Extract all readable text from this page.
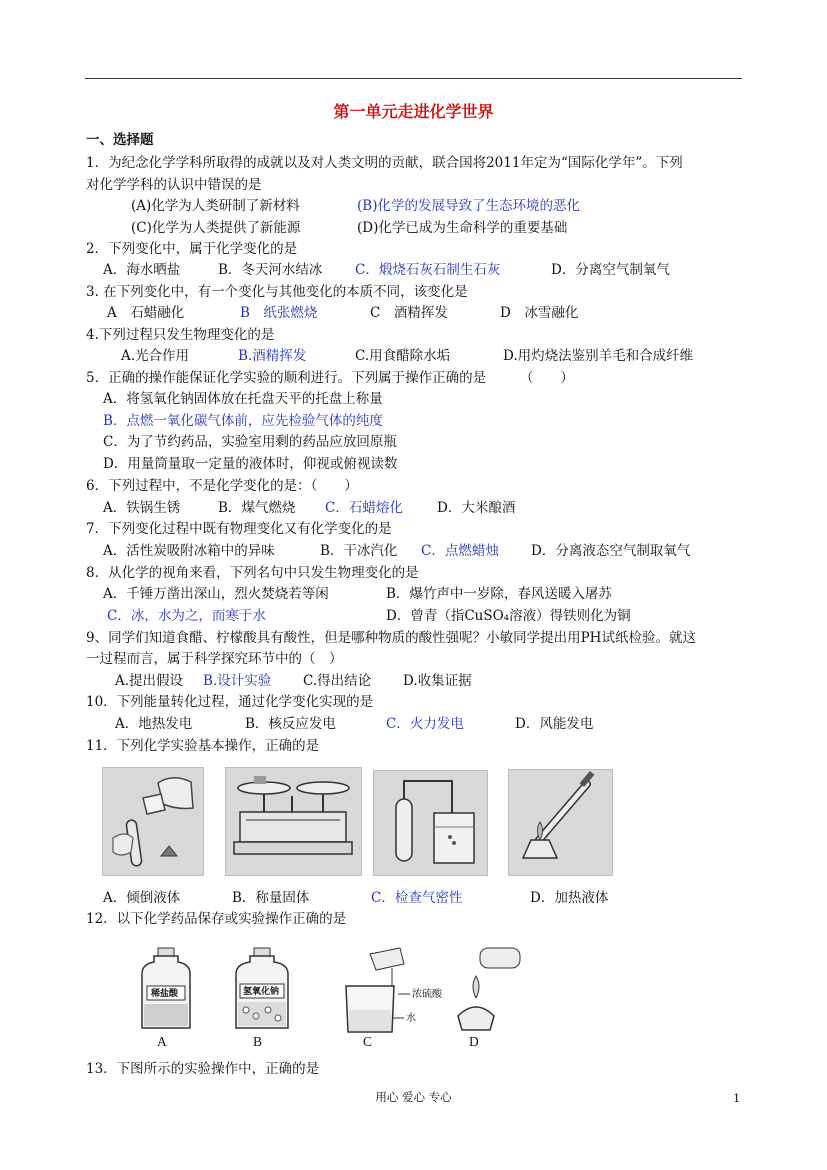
第一单元走进化学世界
一、选择题
1．为纪念化学学科所取得的成就以及对人类文明的贡献，联合国将2011年定为“国际化学年”。下列
对化学学科的认识中错误的是
(A)化学为人类研制了新材料	(B)化学的发展导致了生态环境的恶化
(C)化学为人类提供了新能源	(D)化学已成为生命科学的重要基础
2．下列变化中，属于化学变化的是
A．海水晒盐	B．冬天河水结冰 C．煅烧石灰石制生石灰	D．分离空气制氧气
3. 在下列变化中，有一个变化与其他变化的本质不同，该变化是
A　石蜡融化	B　纸张燃烧	C　酒精挥发	D　冰雪融化
4.下列过程只发生物理变化的是
A.光合作用	B.酒精挥发	C.用食醋除水垢	D.用灼烧法鉴别羊毛和合成纤维
5．正确的操作能保证化学实验的顺利进行。下列属于操作正确的是　　　（　　）
A．将氢氧化钠固体放在托盘天平的托盘上称量
B．点燃一氧化碳气体前，应先检验气体的纯度
C．为了节约药品，实验室用剩的药品应放回原瓶
D．用量筒量取一定量的液体时，仰视或俯视读数
6．下列过程中，不是化学变化的是：（　　）
A．铁锅生锈	B．煤气燃烧 C．石蜡熔化	D．大米酿酒
7．下列变化过程中既有物理变化又有化学变化的是
A．活性炭吸附冰箱中的异味	B．干冰汽化 C．点燃蜡烛 D．分离液态空气制取氧气
8．从化学的视角来看，下列名句中只发生物理变化的是
A．千锤万凿出深山，烈火焚烧若等闲	B．爆竹声中一岁除，春风送暖入屠苏
C．冰，水为之，而寒于水	D．曾青（指CuSO₄溶液）得铁则化为铜
9、同学们知道食醋、柠檬酸具有酸性，但是哪种物质的酸性强呢？小敏同学提出用PH试纸检验。就这
一过程而言，属于科学探究环节中的（　）
A.提出假设 B.设计实验 C.得出结论 D.收集证据
10．下列能量转化过程，通过化学变化实现的是
A．地热发电	B．核反应发电	C．火力发电	D．风能发电
11．下列化学实验基本操作，正确的是
A．倾倒液体	B．称量固体	C．检查气密性	D．加热液体
12．以下化学药品保存或实验操作正确的是
稀盐酸	氢氧化钠	浓硫酸
水
A	B	C	D
13．下图所示的实验操作中，正确的是
用心 爱心 专心	1
